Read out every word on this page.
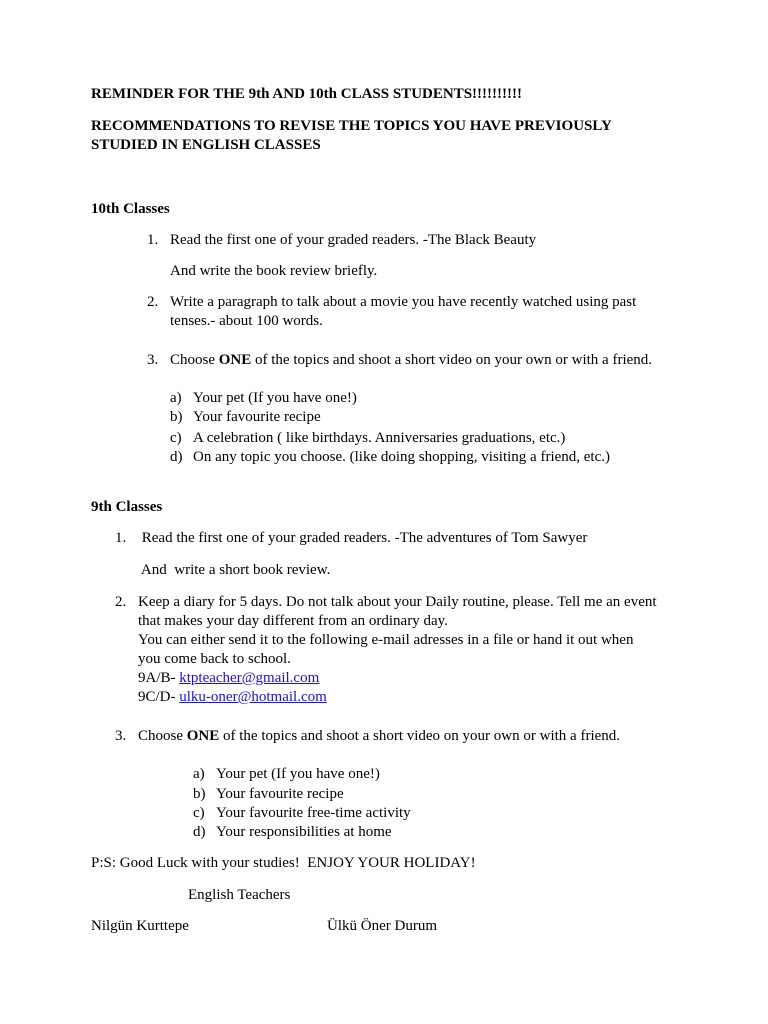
REMINDER FOR THE 9th AND 10th CLASS STUDENTS!!!!!!!!!!
RECOMMENDATIONS TO REVISE THE TOPICS YOU HAVE PREVIOUSLY
STUDIED IN ENGLISH CLASSES
10th Classes
1. Read the first one of your graded readers. -The Black Beauty
And write the book review briefly.
2. Write a paragraph to talk about a movie you have recently watched using past
tenses.- about 100 words.
3. Choose ONE of the topics and shoot a short video on your own or with a friend.
a) Your pet (If you have one!)
b) Your favourite recipe
c) A celebration ( like birthdays. Anniversaries graduations, etc.)
d) On any topic you choose. (like doing shopping, visiting a friend, etc.)
9th Classes
1. Read the first one of your graded readers. -The adventures of Tom Sawyer
And  write a short book review.
2. Keep a diary for 5 days. Do not talk about your Daily routine, please. Tell me an event
that makes your day different from an ordinary day.
You can either send it to the following e-mail adresses in a file or hand it out when
you come back to school.
9A/B- ktpteacher@gmail.com
9C/D- ulku-oner@hotmail.com
3. Choose ONE of the topics and shoot a short video on your own or with a friend.
a) Your pet (If you have one!)
b) Your favourite recipe
c) Your favourite free-time activity
d) Your responsibilities at home
P:S: Good Luck with your studies!  ENJOY YOUR HOLIDAY!
English Teachers
Nilgün Kurttepe	Ülkü Öner Durum
